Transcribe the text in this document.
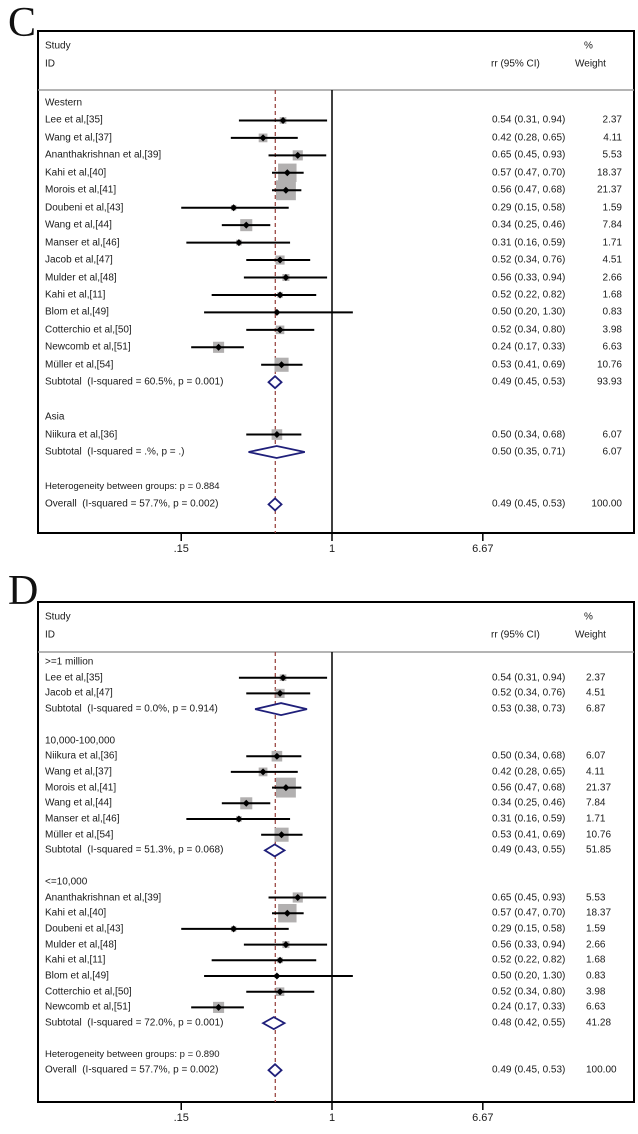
C
D
.15	1	6.67
Study
ID	rr (95% CI)
%
Weight
Western
Lee et al,[35]	0.54 (0.31, 0.94)	2.37
Wang et al,[37]	0.42 (0.28, 0.65)	4.11
Ananthakrishnan et al,[39]	0.65 (0.45, 0.93)	5.53
Kahi et al,[40]	0.57 (0.47, 0.70)	18.37
Morois et al,[41]	0.56 (0.47, 0.68)	21.37
Doubeni et al,[43]	0.29 (0.15, 0.58)	1.59
Wang et al,[44]	0.34 (0.25, 0.46)	7.84
Manser et al,[46]	0.31 (0.16, 0.59)	1.71
Jacob et al,[47]	0.52 (0.34, 0.76)	4.51
Mulder et al,[48]	0.56 (0.33, 0.94)	2.66
Kahi et al,[11]	0.52 (0.22, 0.82)	1.68
Blom et al,[49]	0.50 (0.20, 1.30)	0.83
Cotterchio et al,[50]	0.52 (0.34, 0.80)	3.98
Newcomb et al,[51]	0.24 (0.17, 0.33)	6.63
Müller et al,[54]	0.53 (0.41, 0.69)	10.76
Subtotal  (I-squared = 60.5%, p = 0.001)	0.49 (0.45, 0.53)	93.93
Asia
Niikura et al,[36]	0.50 (0.34, 0.68)	6.07
Subtotal  (I-squared = .%, p = .)	0.50 (0.35, 0.71)	6.07
Heterogeneity between groups: p = 0.884
Overall  (I-squared = 57.7%, p = 0.002)	0.49 (0.45, 0.53)	100.00
.15	1	6.67
Study
ID	rr (95% CI)
%
Weight
>=1 million
Lee et al,[35]	0.54 (0.31, 0.94) 2.37
Jacob et al,[47]	0.52 (0.34, 0.76) 4.51
Subtotal  (I-squared = 0.0%, p = 0.914)	0.53 (0.38, 0.73) 6.87
10,000-100,000
Niikura et al,[36]	0.50 (0.34, 0.68) 6.07
Wang et al,[37]	0.42 (0.28, 0.65) 4.11
Morois et al,[41]	0.56 (0.47, 0.68) 21.37
Wang et al,[44]	0.34 (0.25, 0.46) 7.84
Manser et al,[46]	0.31 (0.16, 0.59) 1.71
Müller et al,[54]	0.53 (0.41, 0.69) 10.76
Subtotal  (I-squared = 51.3%, p = 0.068)	0.49 (0.43, 0.55) 51.85
<=10,000
Ananthakrishnan et al,[39]	0.65 (0.45, 0.93) 5.53
Kahi et al,[40]	0.57 (0.47, 0.70) 18.37
Doubeni et al,[43]	0.29 (0.15, 0.58) 1.59
Mulder et al,[48]	0.56 (0.33, 0.94) 2.66
Kahi et al,[11]	0.52 (0.22, 0.82) 1.68
Blom et al,[49]	0.50 (0.20, 1.30) 0.83
Cotterchio et al,[50]	0.52 (0.34, 0.80) 3.98
Newcomb et al,[51]	0.24 (0.17, 0.33) 6.63
Subtotal  (I-squared = 72.0%, p = 0.001)	0.48 (0.42, 0.55) 41.28
Heterogeneity between groups: p = 0.890
Overall  (I-squared = 57.7%, p = 0.002)	0.49 (0.45, 0.53) 100.00
